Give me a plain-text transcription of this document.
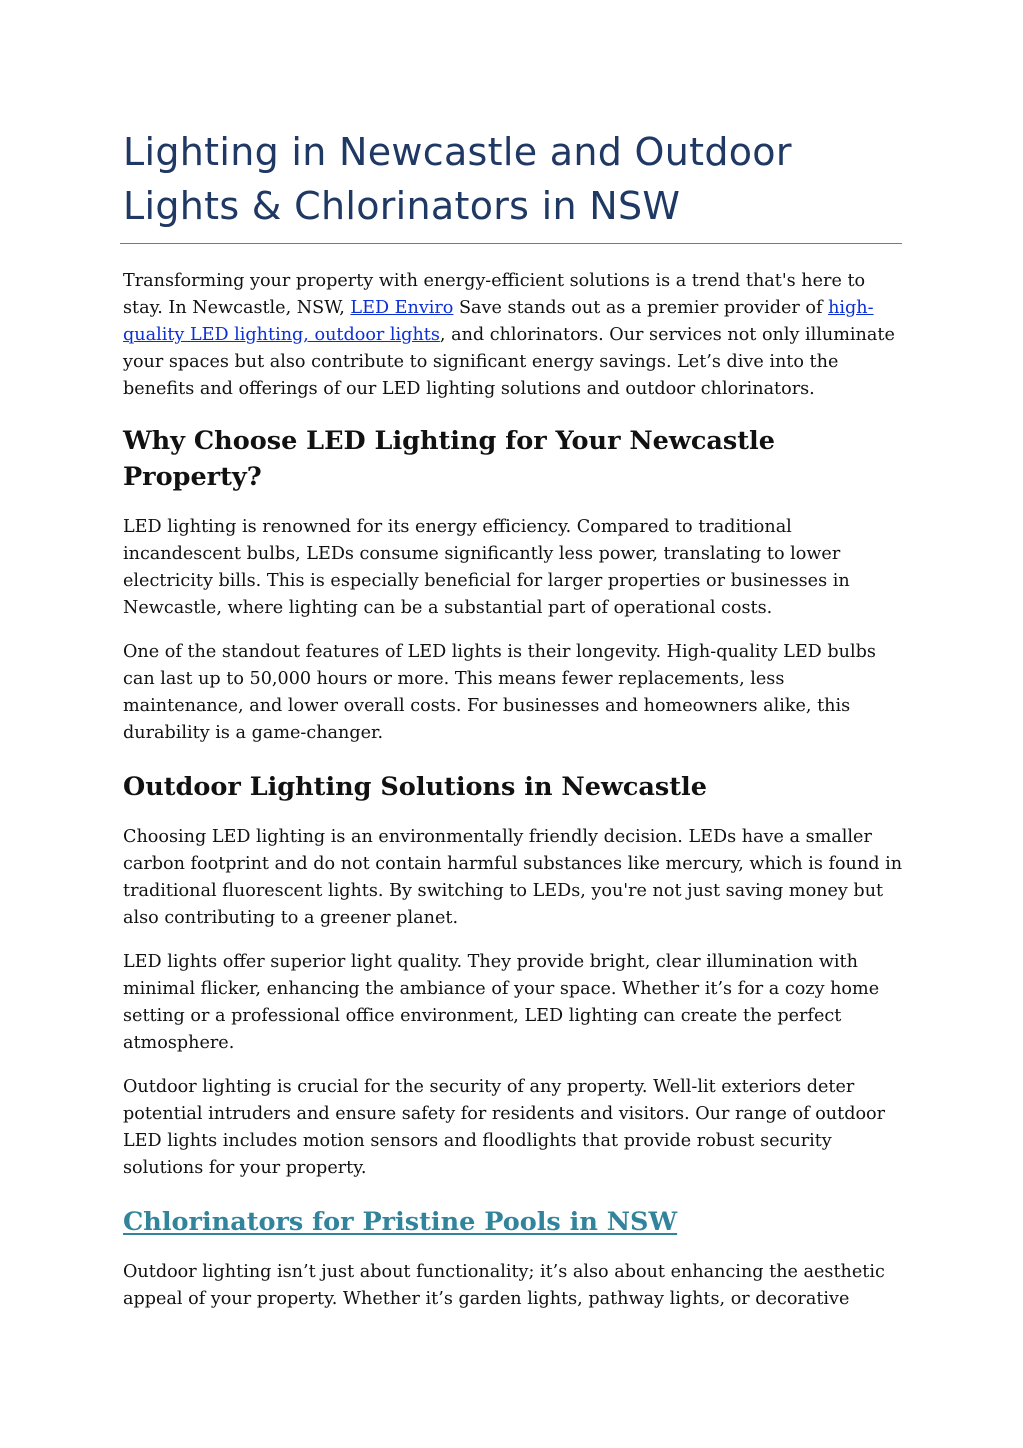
Lighting in Newcastle and Outdoor
Lights & Chlorinators in NSW

Transforming your property with energy-efficient solutions is a trend that's here to stay. In Newcastle, NSW, LED Enviro Save stands out as a premier provider of high-quality LED lighting, outdoor lights, and chlorinators. Our services not only illuminate your spaces but also contribute to significant energy savings. Let’s dive into the benefits and offerings of our LED lighting solutions and outdoor chlorinators.

Why Choose LED Lighting for Your Newcastle Property?

LED lighting is renowned for its energy efficiency. Compared to traditional incandescent bulbs, LEDs consume significantly less power, translating to lower electricity bills. This is especially beneficial for larger properties or businesses in Newcastle, where lighting can be a substantial part of operational costs.

One of the standout features of LED lights is their longevity. High-quality LED bulbs can last up to 50,000 hours or more. This means fewer replacements, less maintenance, and lower overall costs. For businesses and homeowners alike, this durability is a game-changer.

Outdoor Lighting Solutions in Newcastle

Choosing LED lighting is an environmentally friendly decision. LEDs have a smaller carbon footprint and do not contain harmful substances like mercury, which is found in traditional fluorescent lights. By switching to LEDs, you're not just saving money but also contributing to a greener planet.

LED lights offer superior light quality. They provide bright, clear illumination with minimal flicker, enhancing the ambiance of your space. Whether it’s for a cozy home setting or a professional office environment, LED lighting can create the perfect atmosphere.

Outdoor lighting is crucial for the security of any property. Well-lit exteriors deter potential intruders and ensure safety for residents and visitors. Our range of outdoor LED lights includes motion sensors and floodlights that provide robust security solutions for your property.

Chlorinators for Pristine Pools in NSW

Outdoor lighting isn’t just about functionality; it’s also about enhancing the aesthetic appeal of your property. Whether it’s garden lights, pathway lights, or decorative
